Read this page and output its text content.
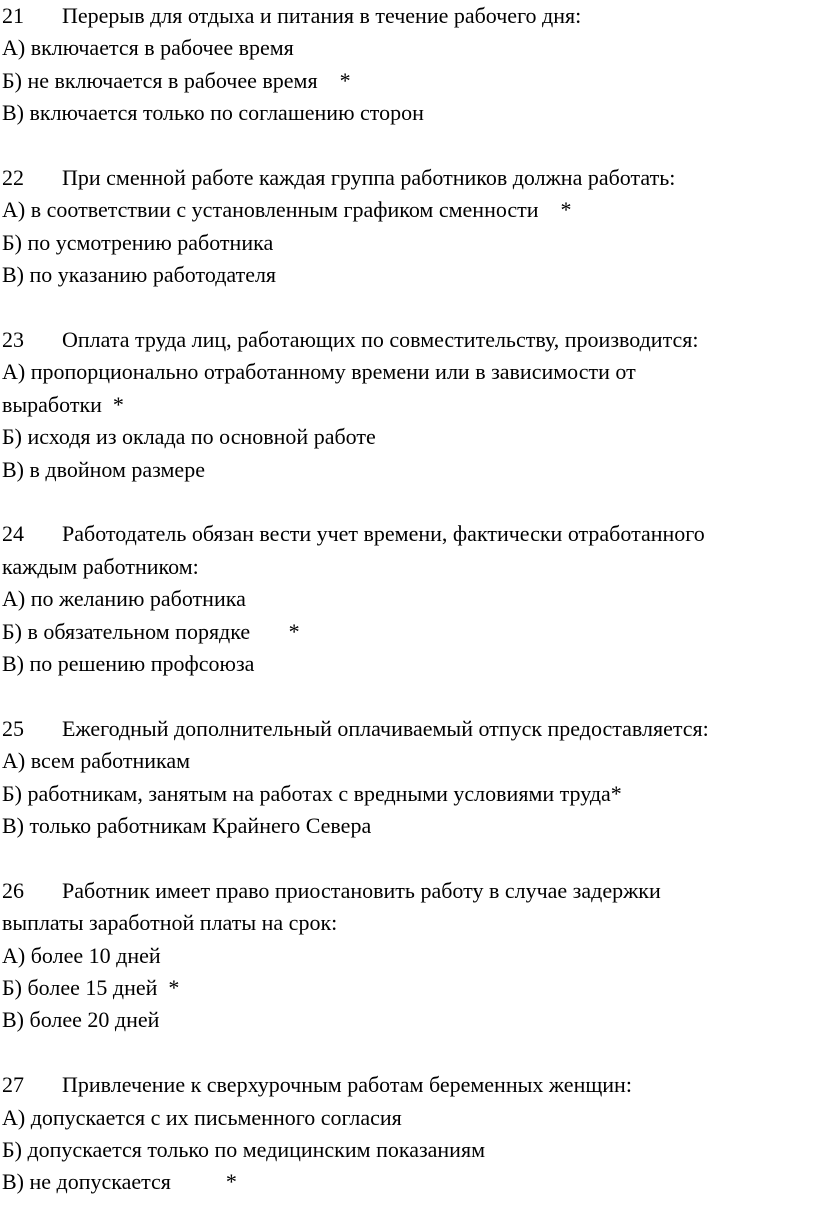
21 Перерыв для отдыха и питания в течение рабочего дня:
А) включается в рабочее время
Б) не включается в рабочее время    *
В) включается только по соглашению сторон
22 При сменной работе каждая группа работников должна работать:
А) в соответствии с установленным графиком сменности    *
Б) по усмотрению работника
В) по указанию работодателя
23 Оплата труда лиц, работающих по совместительству, производится:
А) пропорционально отработанному времени или в зависимости от
выработки  *
Б) исходя из оклада по основной работе
В) в двойном размере
24 Работодатель обязан вести учет времени, фактически отработанного
каждым работником:
А) по желанию работника
Б) в обязательном порядке       *
В) по решению профсоюза
25 Ежегодный дополнительный оплачиваемый отпуск предоставляется:
А) всем работникам
Б) работникам, занятым на работах с вредными условиями труда*
В) только работникам Крайнего Севера
26 Работник имеет право приостановить работу в случае задержки
выплаты заработной платы на срок:
А) более 10 дней
Б) более 15 дней  *
В) более 20 дней
27 Привлечение к сверхурочным работам беременных женщин:
А) допускается с их письменного согласия
Б) допускается только по медицинским показаниям
В) не допускается          *
